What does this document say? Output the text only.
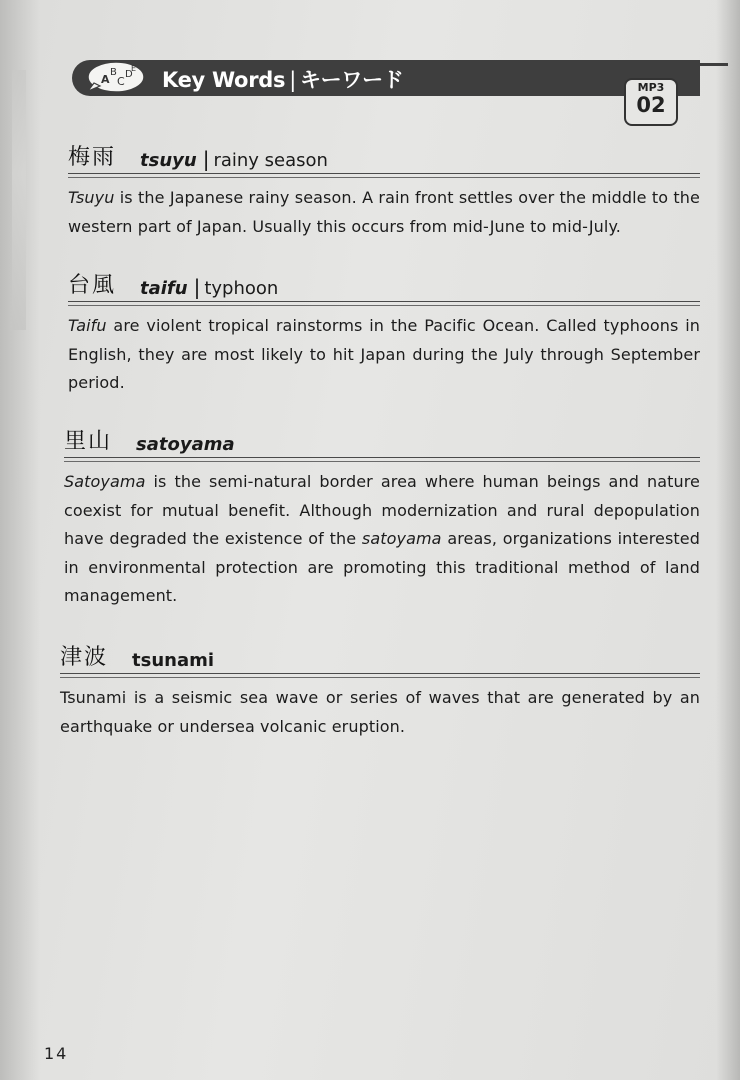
A
B
C
D
E Key Words | キーワード	MP3
02
梅雨 tsuyu | rainy season

Tsuyu is the Japanese rainy season. A rain front settles over the middle to the western part of Japan. Usually this occurs from mid-June to mid-July.

台風 taifu | typhoon

Taifu are violent tropical rainstorms in the Pacific Ocean. Called typhoons in English, they are most likely to hit Japan during the July through September period.

里山 satoyama

Satoyama is the semi-natural border area where human beings and nature coexist for mutual benefit. Although modernization and rural depopulation have degraded the existence of the satoyama areas, organizations interested in environmental protection are promoting this traditional method of land management.

津波 tsunami

Tsunami is a seismic sea wave or series of waves that are generated by an earthquake or undersea volcanic eruption.

14
